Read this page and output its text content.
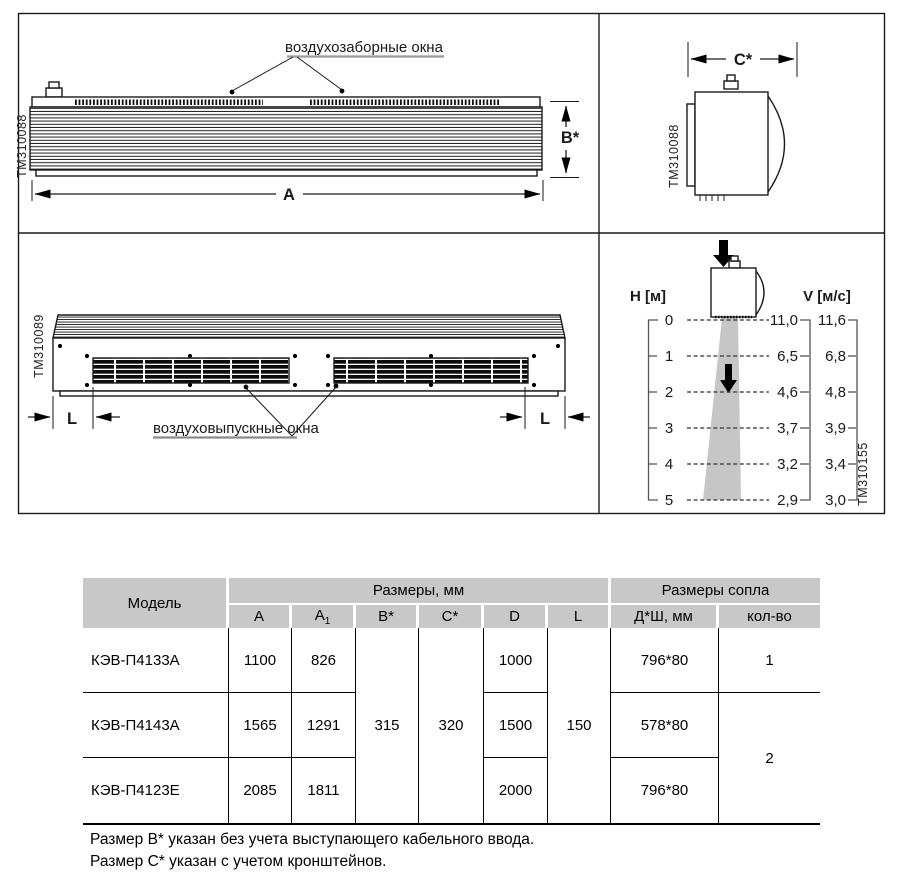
ТМ310088
воздухозаборные окна
B*
А
ТМ310088
C*
ТМ310089
L	L
воздуховыпускные окна
ТМ310155
Н [м]	V [м/с]
0
1
2
3
4
5
11,0
6,5
4,6
3,7
3,2
2,9
11,6
6,8
4,8
3,9
3,4
3,0
Модель	Размеры, мм						Размеры сопла	
	А	$А_1$	B*	C*	D	L	Д*Ш, мм	кол-во
КЭВ-П4133А	1100	826	315	320	1000	150	796*80	1
КЭВ-П4143А	1565	1291			1500		578*80	2
КЭВ-П4123Е	2085	1811			2000		796*80	
Размер B* указан без учета выступающего кабельного ввода.
Размер C* указан с учетом кронштейнов.
